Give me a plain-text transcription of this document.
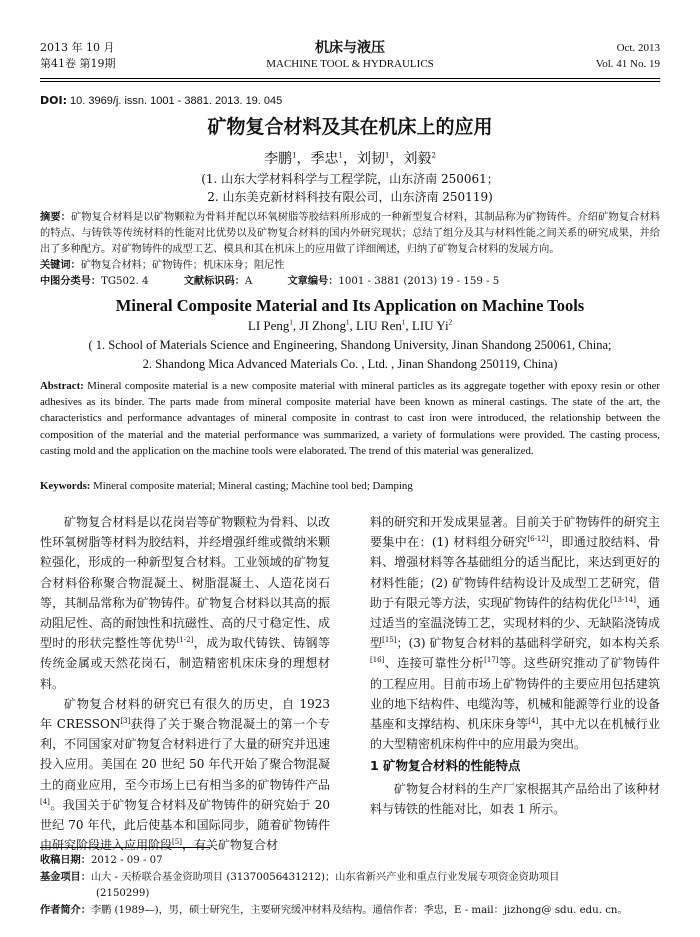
2013 年 10 月
第41卷 第19期
机床与液压
MACHINE TOOL & HYDRAULICS
Oct. 2013
Vol. 41 No. 19
DOI: 10. 3969/j. issn. 1001 - 3881. 2013. 19. 045
矿物复合材料及其在机床上的应用
李鹏$^1$，季忠$^1$，刘韧$^1$，刘毅$^2$
(1. 山东大学材料科学与工程学院，山东济南 250061；
2. 山东美克新材料科技有限公司，山东济南 250119)
摘要：矿物复合材料是以矿物颗粒为骨料并配以环氧树脂等胶结料所形成的一种新型复合材料，其制品称为矿物铸件。介绍矿物复合材料的特点、与铸铁等传统材料的性能对比优势以及矿物复合材料的国内外研究现状；总结了组分及其与材料性能之间关系的研究成果，并给出了多种配方。对矿物铸件的成型工艺、模具和其在机床上的应用做了详细阐述，归纳了矿物复合材料的发展方向。
关键词：矿物复合材料；矿物铸件；机床床身；阻尼性
中图分类号：TG502. 4	文献标识码：A	文章编号：1001 - 3881 (2013) 19 - 159 - 5
Mineral Composite Material and Its Application on Machine Tools
LI Peng$^1$, JI Zhong$^1$, LIU Ren$^1$, LIU Yi$^2$
( 1. School of Materials Science and Engineering, Shandong University, Jinan Shandong 250061, China;
2. Shandong Mica Advanced Materials Co. , Ltd. , Jinan Shandong 250119, China)
Abstract: Mineral composite material is a new composite material with mineral particles as its aggregate together with epoxy resin or other adhesives as its binder. The parts made from mineral composite material have been known as mineral castings. The state of the art, the characteristics and performance advantages of mineral composite in contrast to cast iron were introduced, the relationship between the composition of the material and the material performance was summarized, a variety of formulations were provided. The casting process, casting mold and the application on the machine tools were elaborated. The trend of this material was generalized.
Keywords: Mineral composite material; Mineral casting; Machine tool bed; Damping

矿物复合材料是以花岗岩等矿物颗粒为骨料、以改性环氧树脂等材料为胶结料，并经增强纤维或微纳米颗粒强化，形成的一种新型复合材料。工业领域的矿物复合材料俗称聚合物混凝土、树脂混凝土、人造花岗石等，其制品常称为矿物铸件。矿物复合材料以其高的振动阻尼性、高的耐蚀性和抗磁性、高的尺寸稳定性、成型时的形状完整性等优势[1-2]，成为取代铸铁、铸钢等传统金属或天然花岗石，制造精密机床床身的理想材料。

矿物复合材料的研究已有很久的历史，自 1923 年 CRESSON[3]获得了关于聚合物混凝土的第一个专利，不同国家对矿物复合材料进行了大量的研究并迅速投入应用。美国在 20 世纪 50 年代开始了聚合物混凝土的商业应用，至今市场上已有相当多的矿物铸件产品[4]。我国关于矿物复合材料及矿物铸件的研究始于 20 世纪 70 年代，此后使基本和国际同步，随着矿物铸件由研究阶段进入应用阶段[5]，有关矿物复合材

料的研究和开发成果显著。目前关于矿物铸件的研究主要集中在：(1) 材料组分研究[6-12]，即通过胶结料、骨料、增强材料等各基础组分的适当配比，来达到更好的材料性能；(2) 矿物铸件结构设计及成型工艺研究，借助于有限元等方法，实现矿物铸件的结构优化[13-14]，通过适当的室温浇铸工艺，实现材料的少、无缺陷浇铸成型[15]；(3) 矿物复合材料的基础科学研究，如本构关系[16]、连接可靠性分析[17]等。这些研究推动了矿物铸件的工程应用。目前市场上矿物铸件的主要应用包括建筑业的地下结构件、电缆沟等，机械和能源等行业的设备基座和支撑结构、机床床身等[4]，其中尤以在机械行业的大型精密机床构件中的应用最为突出。

1 矿物复合材料的性能特点

矿物复合材料的生产厂家根据其产品给出了该种材料与铸铁的性能对比，如表 1 所示。

收稿日期：2012 - 09 - 07
基金项目：山大 - 天桥联合基金资助项目 (31370056431212)；山东省新兴产业和重点行业发展专项资金资助项目
(2150299)
作者简介：李鹏 (1989—)，男，硕士研究生，主要研究缓冲材料及结构。通信作者：季忠，E - mail：jizhong@ sdu. edu. cn。
